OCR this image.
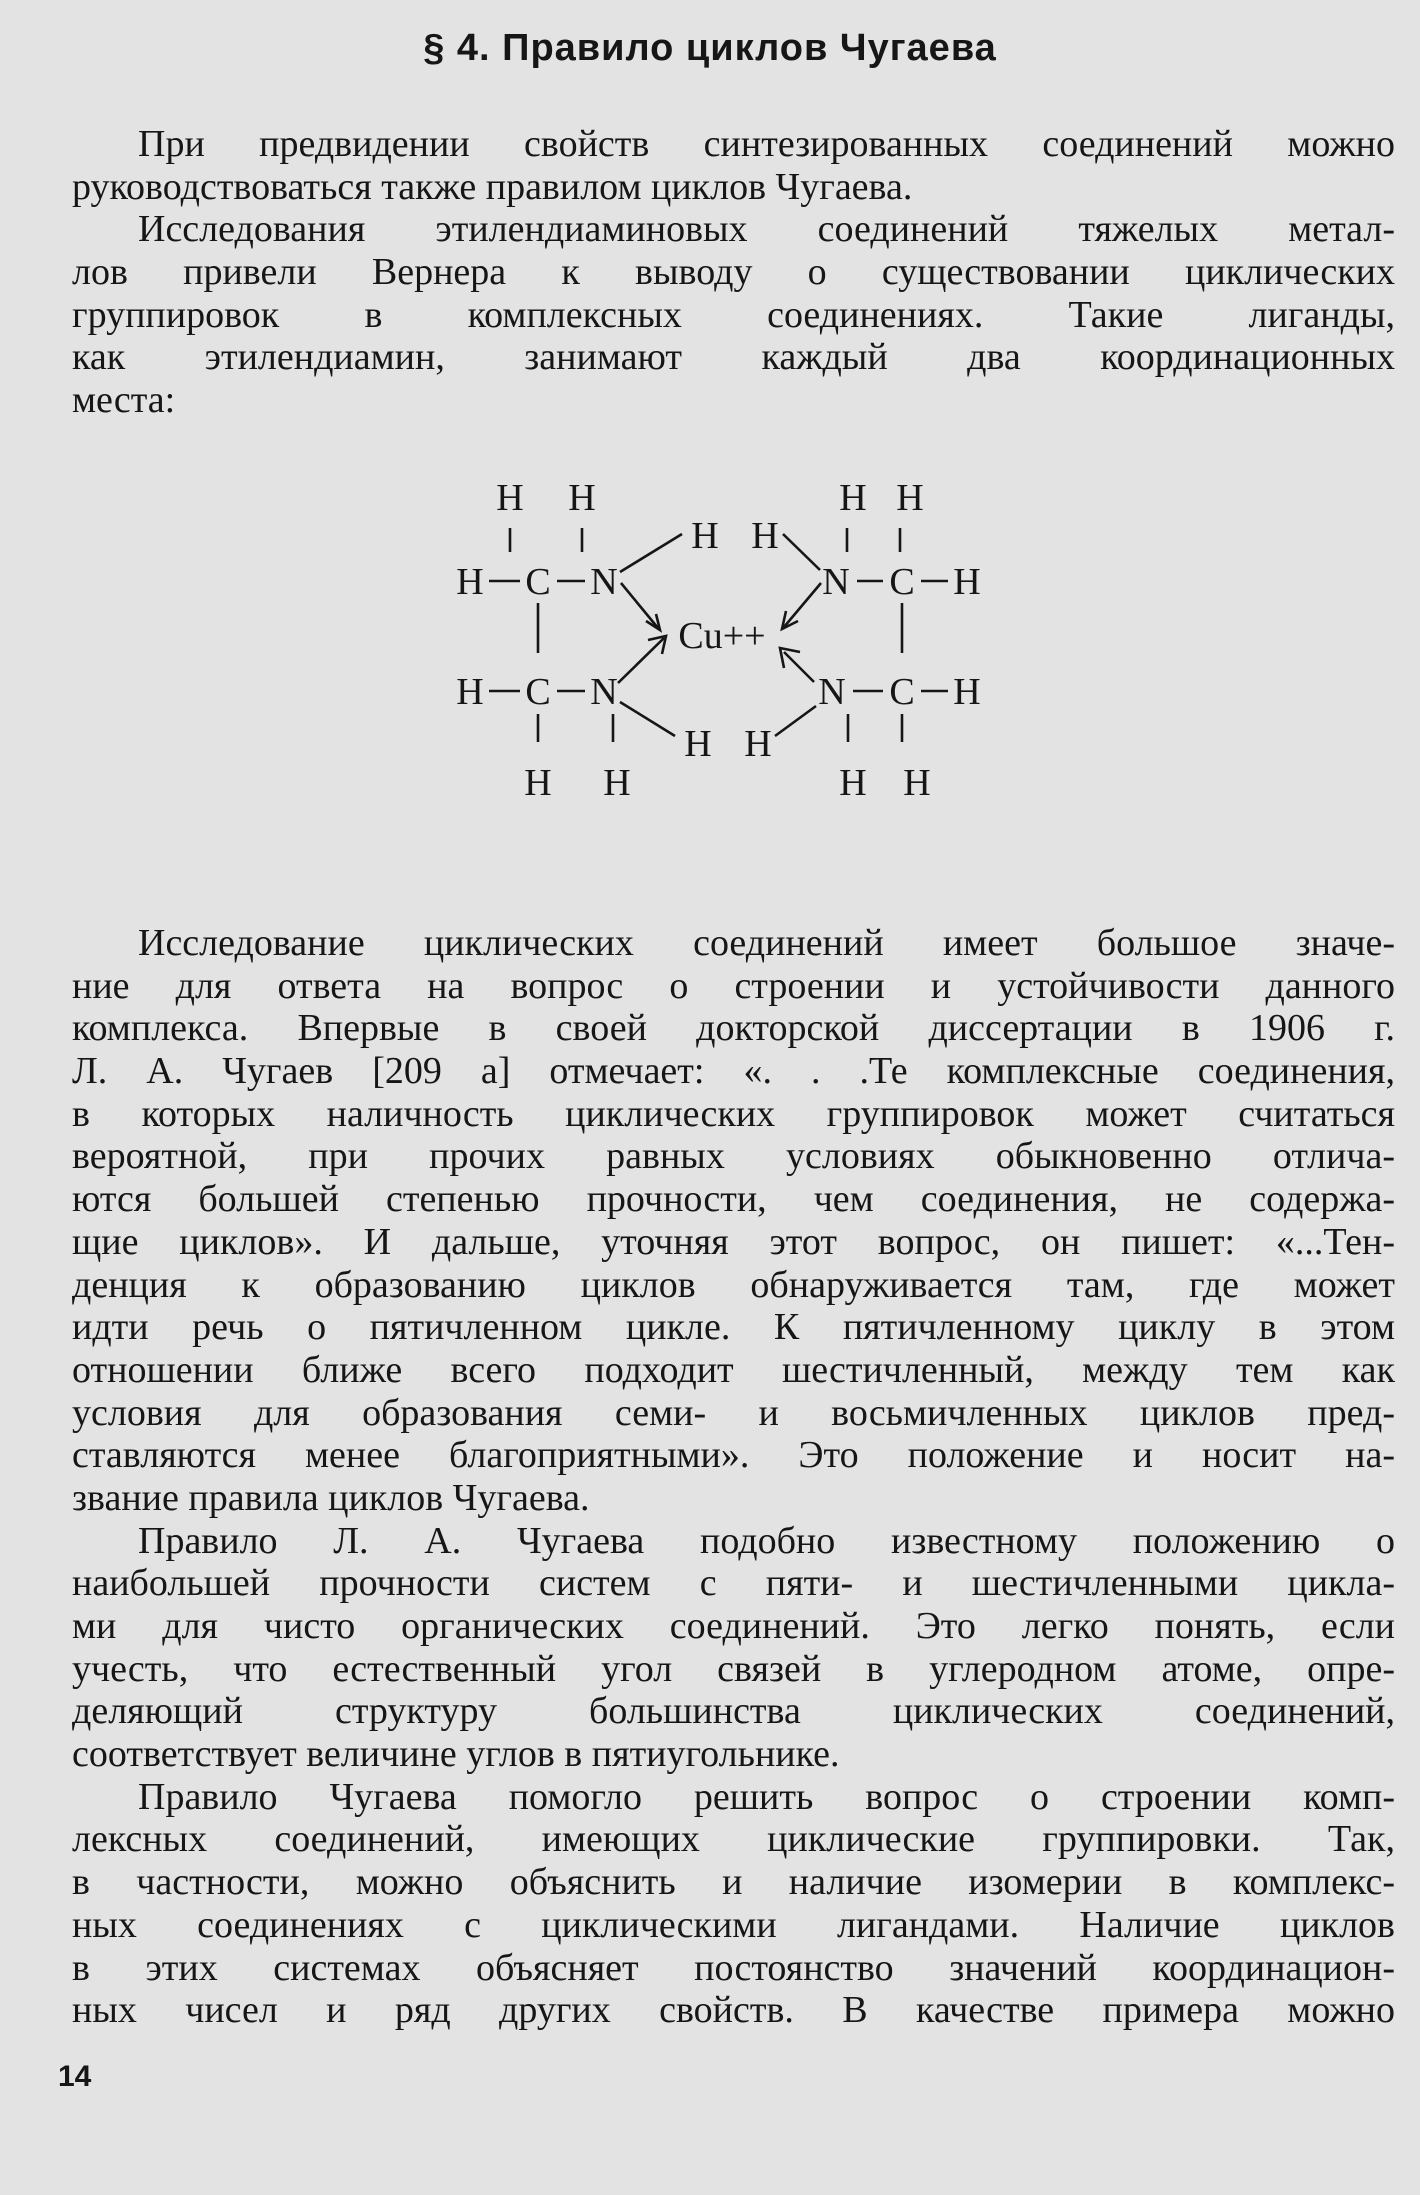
§ 4. Правило циклов Чугаева
При предвидении свойств синтезированных соединений можно
руководствоваться также правилом циклов Чугаева.
Исследования этилендиаминовых соединений тяжелых метал-
лов привели Вернера к выводу о существовании циклических
группировок в комплексных соединениях. Такие лиганды,
как этилендиамин, занимают каждый два координационных
места:
H H	H H
H H
H C N	N C H
Cu++
H C N	N C H
H H
H H	H H
Исследование циклических соединений имеет большое значе-
ние для ответа на вопрос о строении и устойчивости данного
комплекса. Впервые в своей докторской диссертации в 1906 г.
Л. А. Чугаев [209 а] отмечает: «. . .Те комплексные соединения,
в которых наличность циклических группировок может считаться
вероятной, при прочих равных условиях обыкновенно отлича-
ются большей степенью прочности, чем соединения, не содержа-
щие циклов». И дальше, уточняя этот вопрос, он пишет: «...Тен-
денция к образованию циклов обнаруживается там, где может
идти речь о пятичленном цикле. К пятичленному циклу в этом
отношении ближе всего подходит шестичленный, между тем как
условия для образования семи- и восьмичленных циклов пред-
ставляются менее благоприятными». Это положение и носит на-
звание правила циклов Чугаева.
Правило Л. А. Чугаева подобно известному положению о
наибольшей прочности систем с пяти- и шестичленными цикла-
ми для чисто органических соединений. Это легко понять, если
учесть, что естественный угол связей в углеродном атоме, опре-
деляющий структуру большинства циклических соединений,
соответствует величине углов в пятиугольнике.
Правило Чугаева помогло решить вопрос о строении комп-
лексных соединений, имеющих циклические группировки. Так,
в частности, можно объяснить и наличие изомерии в комплекс-
ных соединениях с циклическими лигандами. Наличие циклов
в этих системах объясняет постоянство значений координацион-
ных чисел и ряд других свойств. В качестве примера можно
14
